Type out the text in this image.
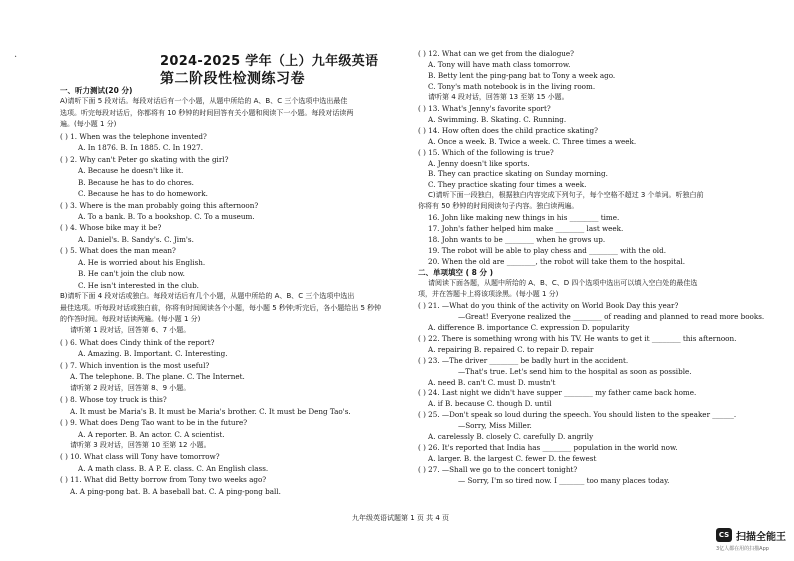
·	2024-2025 学年（上）九年级英语
第二阶段性检测练习卷
一、听力测试(20 分)
A)请听下面 5 段对话。每段对话后有一个小题，从题中所给的 A、B、C 三个选项中选出最佳
选项。听完每段对话后，你都将有 10 秒钟的时间回答有关小题和阅读下一小题。每段对话读两
遍。(每小题 1 分)
( ) 1. When was the telephone invented?
A. In 1876. B. In 1885. C. In 1927.
( ) 2. Why can't Peter go skating with the girl?
A. Because he doesn't like it.
B. Because he has to do chores.
C. Because he has to do homework.
( ) 3. Where is the man probably going this afternoon?
A. To a bank. B. To a bookshop. C. To a museum.
( ) 4. Whose bike may it be?
A. Daniel's. B. Sandy's. C. Jim's.
( ) 5. What does the man mean?
A. He is worried about his English.
B. He can't join the club now.
C. He isn't interested in the club.
B)请听下面 4 段对话或独白。每段对话后有几个小题，从题中所给的 A、B、C 三个选项中选出
最佳选项。听每段对话或独白前，你将有时间阅读各个小题，每小题 5 秒钟;听完后，各小题给出 5 秒钟
的作答时间。每段对话读两遍。(每小题 1 分)
请听第 1 段对话，回答第 6、7 小题。
( ) 6. What does Cindy think of the report?
A. Amazing. B. Important. C. Interesting.
( ) 7. Which invention is the most useful?
A. The telephone. B. The plane. C. The Internet.
请听第 2 段对话，回答第 8、9 小题。
( ) 8. Whose toy truck is this?
A. It must be Maria's B. It must be Maria's brother. C. It must be Deng Tao's.
( ) 9. What does Deng Tao want to be in the future?
A. A reporter. B. An actor. C. A scientist.
请听第 3 段对话，回答第 10 至第 12 小题。
( ) 10. What class will Tony have tomorrow?
A. A math class. B. A P. E. class. C. An English class.
( ) 11. What did Betty borrow from Tony two weeks ago?
A. A ping-pong bat. B. A baseball bat. C. A ping-pong ball.
( ) 12. What can we get from the dialogue?
A. Tony will have math class tomorrow.
B. Betty lent the ping-pang bat to Tony a week ago.
C. Tony's math notebook is in the living room.
请听第 4 段对话，回答第 13 至第 15 小题。
( ) 13. What's Jenny's favorite sport?
A. Swimming. B. Skating. C. Running.
( ) 14. How often does the child practice skating?
A. Once a week. B. Twice a week. C. Three times a week.
( ) 15. Which of the following is true?
A. Jenny doesn't like sports.
B. They can practice skating on Sunday morning.
C. They practice skating four times a week.
C)请听下面一段独白，根据独白内容完成下列句子，每个空格不超过 3 个单词。听独白前
你将有 50 秒钟的时间阅读句子内容。独白读两遍。
16. John like making new things in his ________ time.
17. John's father helped him make ________ last week.
18. John wants to be ________ when he grows up.
19. The robot will be able to play chess and ________ with the old.
20. When the old are ________, the robot will take them to the hospital.
二、单项填空 ( 8 分 )
请阅读下面各题，从题中所给的 A、B、C、D 四个选项中选出可以填入空白处的最佳选
项，并在答题卡上将该项涂黑。(每小题 1 分)
( ) 21. —What do you think of the activity on World Book Day this year?
—Great! Everyone realized the ________ of reading and planned to read more books.
A. difference B. importance C. expression D. popularity
( ) 22. There is something wrong with his TV. He wants to get it ________ this afternoon.
A. repairing B. repaired C. to repair D. repair
( ) 23. —The driver ________ be badly hurt in the accident.
—That's true. Let's send him to the hospital as soon as possible.
A. need B. can't C. must D. mustn't
( ) 24. Last night we didn't have supper ________ my father came back home.
A. if B. because C. though D. until
( ) 25. —Don't speak so loud during the speech. You should listen to the speaker ______.
—Sorry, Miss Miller.
A. carelessly B. closely C. carefully D. angrily
( ) 26. It's reported that India has ________ population in the world now.
A. larger. B. the largest C. fewer D. the fewest
( ) 27. —Shall we go to the concert tonight?
— Sorry, I'm so tired now. I _______ too many places today.
九年级英语试题第 1 页 共 4 页
CS 扫描全能王
3亿人都在用的扫描App
